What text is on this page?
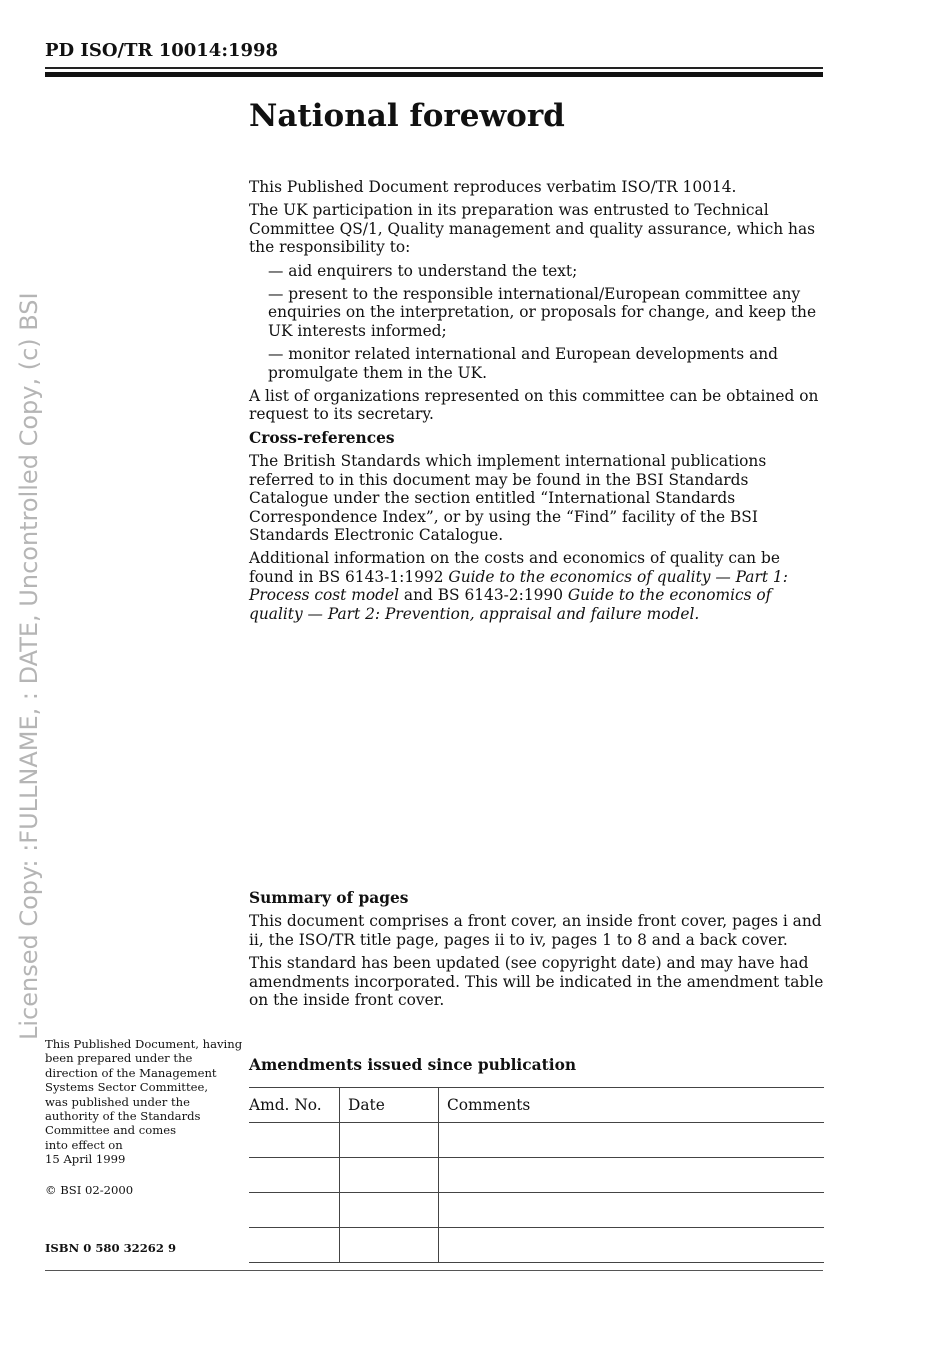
PD ISO/TR 10014:1998
National foreword

This Published Document reproduces verbatim ISO/TR 10014.

The UK participation in its preparation was entrusted to Technical Committee QS/1, Quality management and quality assurance, which has the responsibility to:

— aid enquirers to understand the text;

— present to the responsible international/European committee any enquiries on the interpretation, or proposals for change, and keep the UK interests informed;

— monitor related international and European developments and promulgate them in the UK.

A list of organizations represented on this committee can be obtained on request to its secretary.

Cross-references

The British Standards which implement international publications referred to in this document may be found in the BSI Standards Catalogue under the section entitled “International Standards Correspondence Index”, or by using the “Find” facility of the BSI Standards Electronic Catalogue.

Additional information on the costs and economics of quality can be found in BS 6143-1:1992 Guide to the economics of quality — Part 1: Process cost model and BS 6143-2:1990 Guide to the economics of quality — Part 2: Prevention, appraisal and failure model.

Summary of pages

This document comprises a front cover, an inside front cover, pages i and ii, the ISO/TR title page, pages ii to iv, pages 1 to 8 and a back cover.

This standard has been updated (see copyright date) and may have had amendments incorporated. This will be indicated in the amendment table on the inside front cover.

Licensed Copy: :FULLNAME, : DATE, Uncontrolled Copy, (c) BSI

This Published Document, having

been prepared under the

direction of the Management

Systems Sector Committee,

was published under the

authority of the Standards

Committee and comes

into effect on

15 April 1999

© BSI 02-2000

ISBN 0 580 32262 9
Amendments issued since publication
Amd. No.	Date	Comments
